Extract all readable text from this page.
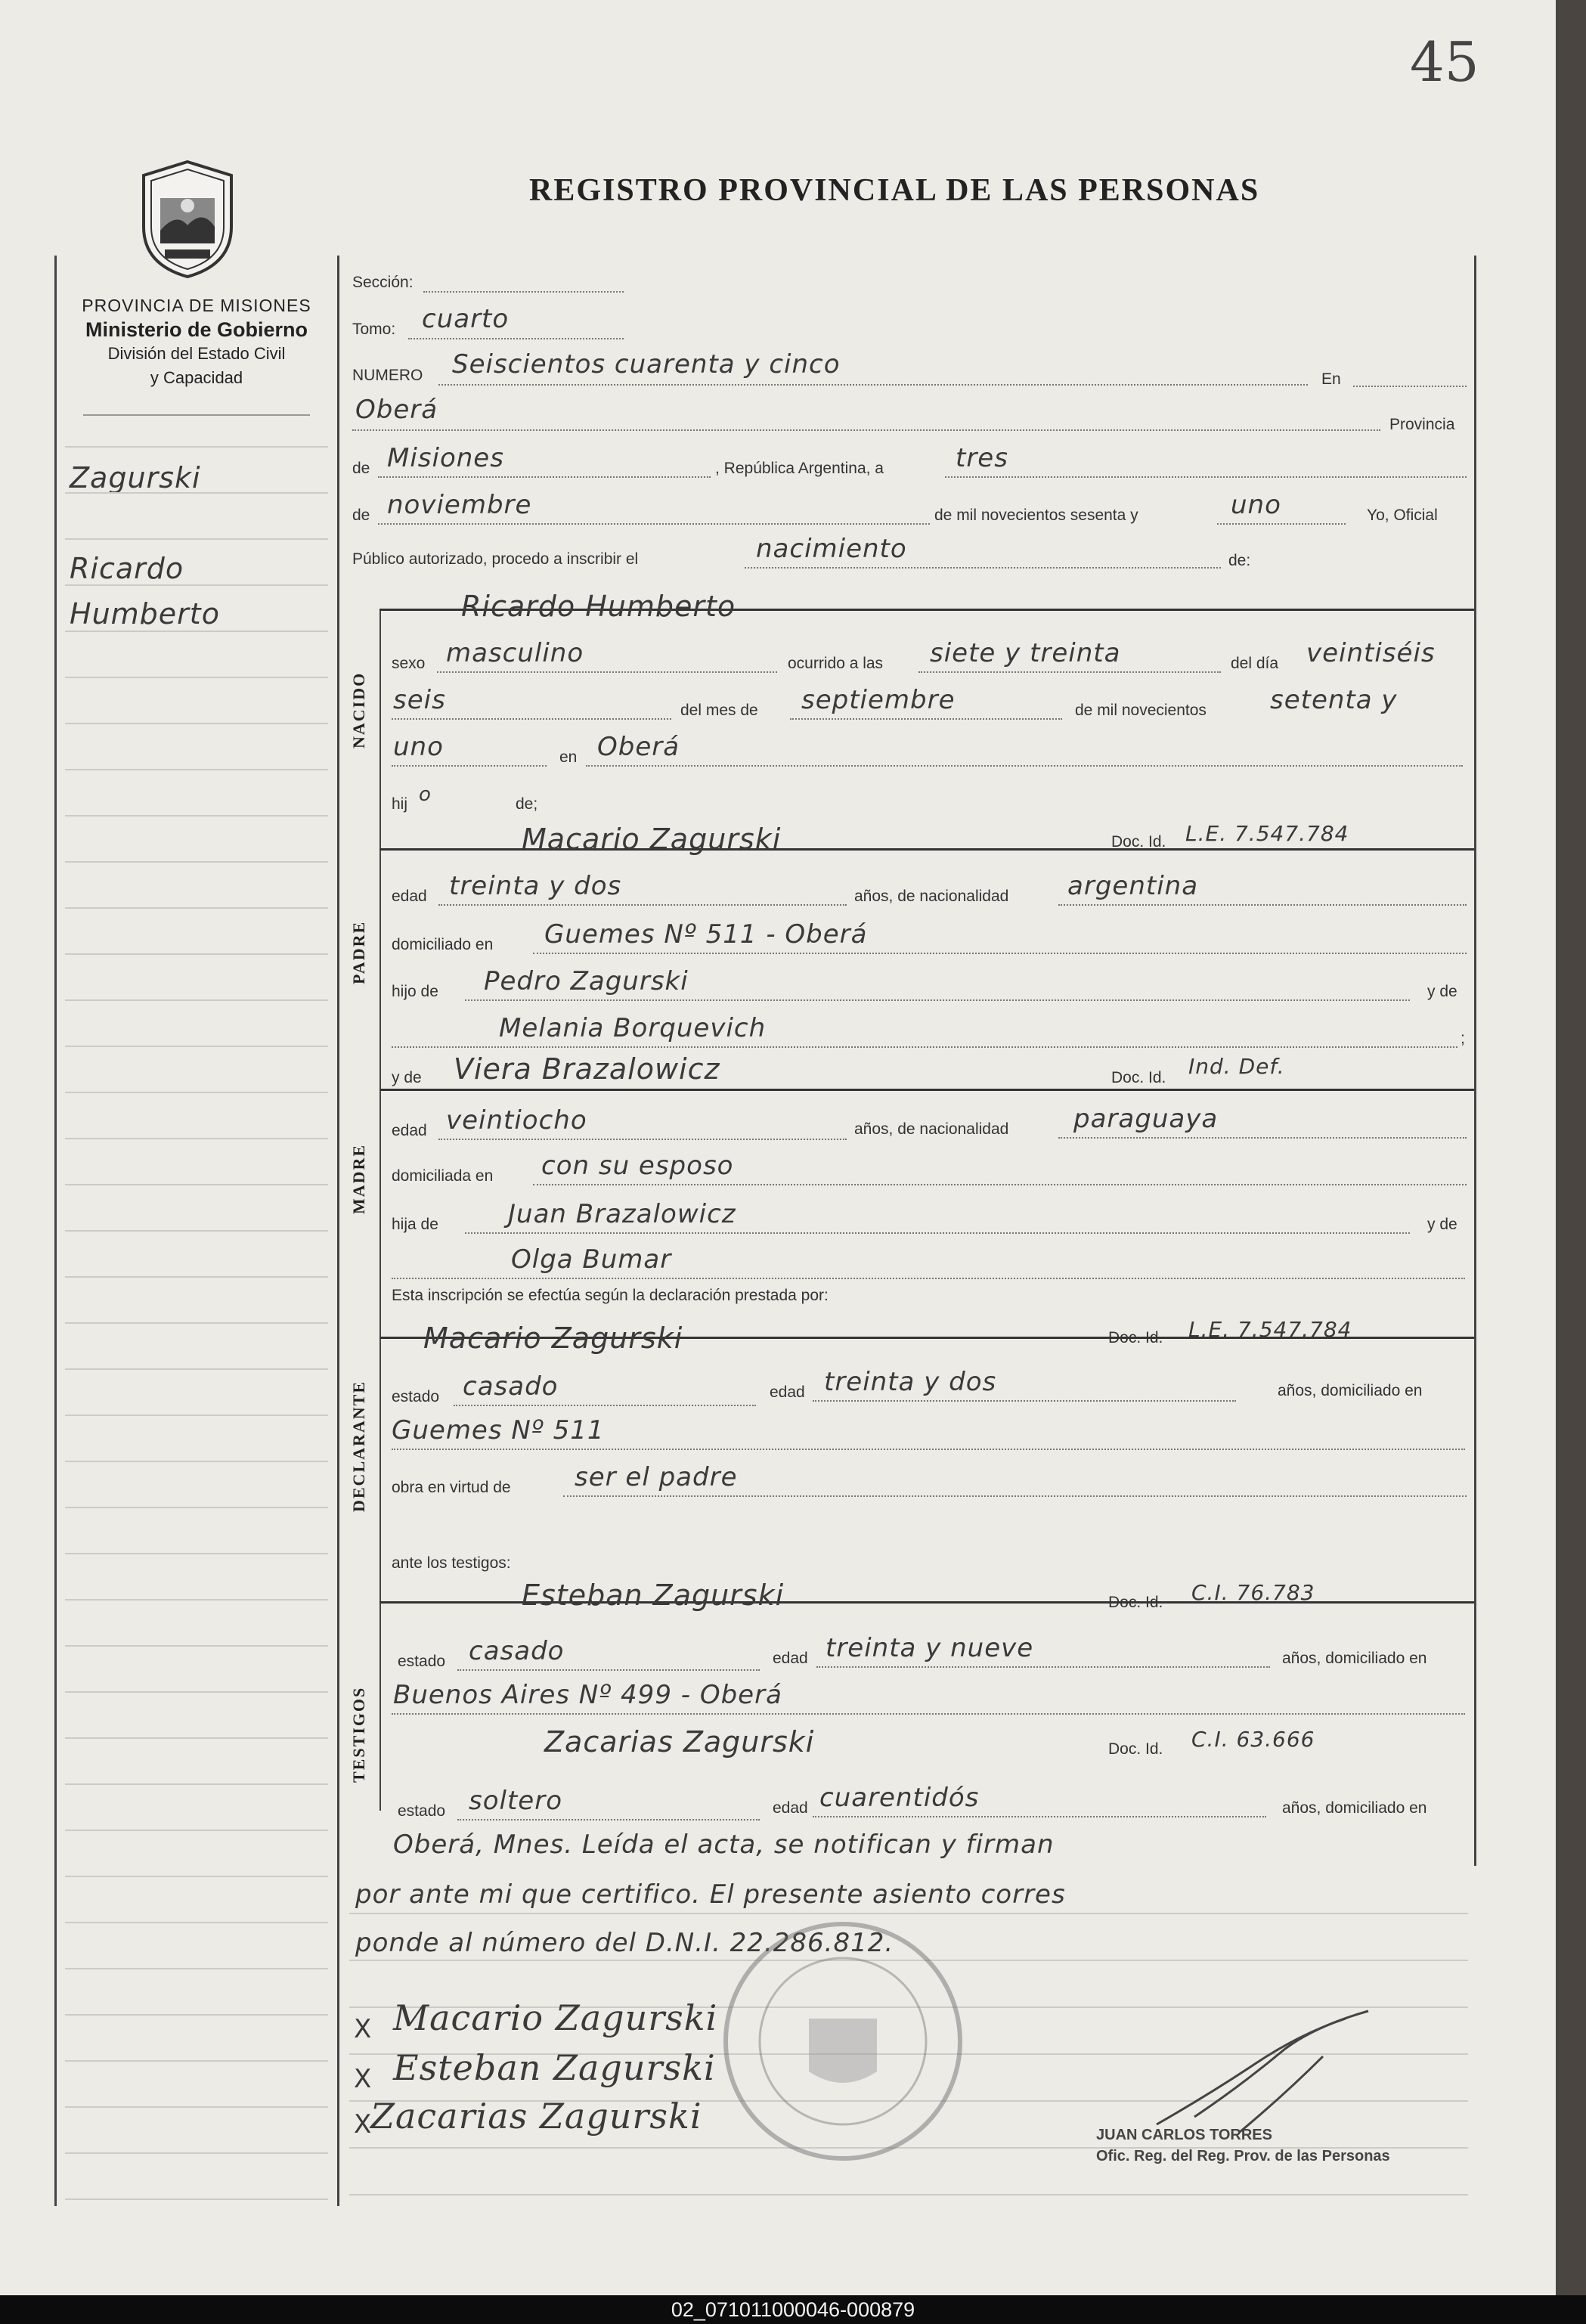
45
REGISTRO PROVINCIAL DE LAS PERSONAS
PROVINCIA DE MISIONES
Ministerio de Gobierno
División del Estado Civil
y Capacidad
Zagurski
Ricardo
Humberto
NACIDO
PADRE
MADRE
DECLARANTE
TESTIGOS
Sección:
Tomo: cuarto
NUMERO Seiscientos cuarenta y cinco	En
Oberá	Provincia
de Misiones	, República Argentina, a	tres
de noviembre	de mil novecientos sesenta y	uno	Yo, Oficial
Público autorizado, procedo a inscribir el	nacimiento	de:
Ricardo Humberto
sexo masculino	ocurrido a las siete y treinta	del día veintiséis
seis	del mes de septiembre	de mil novecientos setenta y
uno	en Oberá
hij o	de;
Macario Zagurski	Doc. Id. L.E. 7.547.784
edad treinta y dos	años, de nacionalidad argentina
domiciliado en Guemes Nº 511 - Oberá
hijo de Pedro Zagurski	y de
Melania Borquevich	;
y de Viera Brazalowicz	Doc. Id. Ind. Def.
edad veintiocho	años, de nacionalidad	paraguaya
domiciliada en con su esposo
hija de	Juan Brazalowicz	y de
Olga Bumar
Esta inscripción se efectúa según la declaración prestada por:
Macario Zagurski	Doc. Id. L.E. 7.547.784
estado casado	edad treinta y dos	años, domiciliado en
Guemes Nº 511
obra en virtud de ser el padre
ante los testigos:
Esteban Zagurski	Doc. Id. C.I. 76.783
estado casado	edad treinta y nueve	años, domiciliado en
Buenos Aires Nº 499 - Oberá
Zacarias Zagurski	Doc. Id. C.I. 63.666
estado soltero	edad cuarentidós	años, domiciliado en
Oberá, Mnes. Leída el acta, se notifican y firman
por ante mi que certifico. El presente asiento corres
ponde al número del D.N.I. 22.286.812.
X Macario Zagurski
X Esteban Zagurski
X
Zacarias Zagurski	JUAN CARLOS TORRES
Ofic. Reg. del Reg. Prov. de las Personas
02_071011000046-000879
